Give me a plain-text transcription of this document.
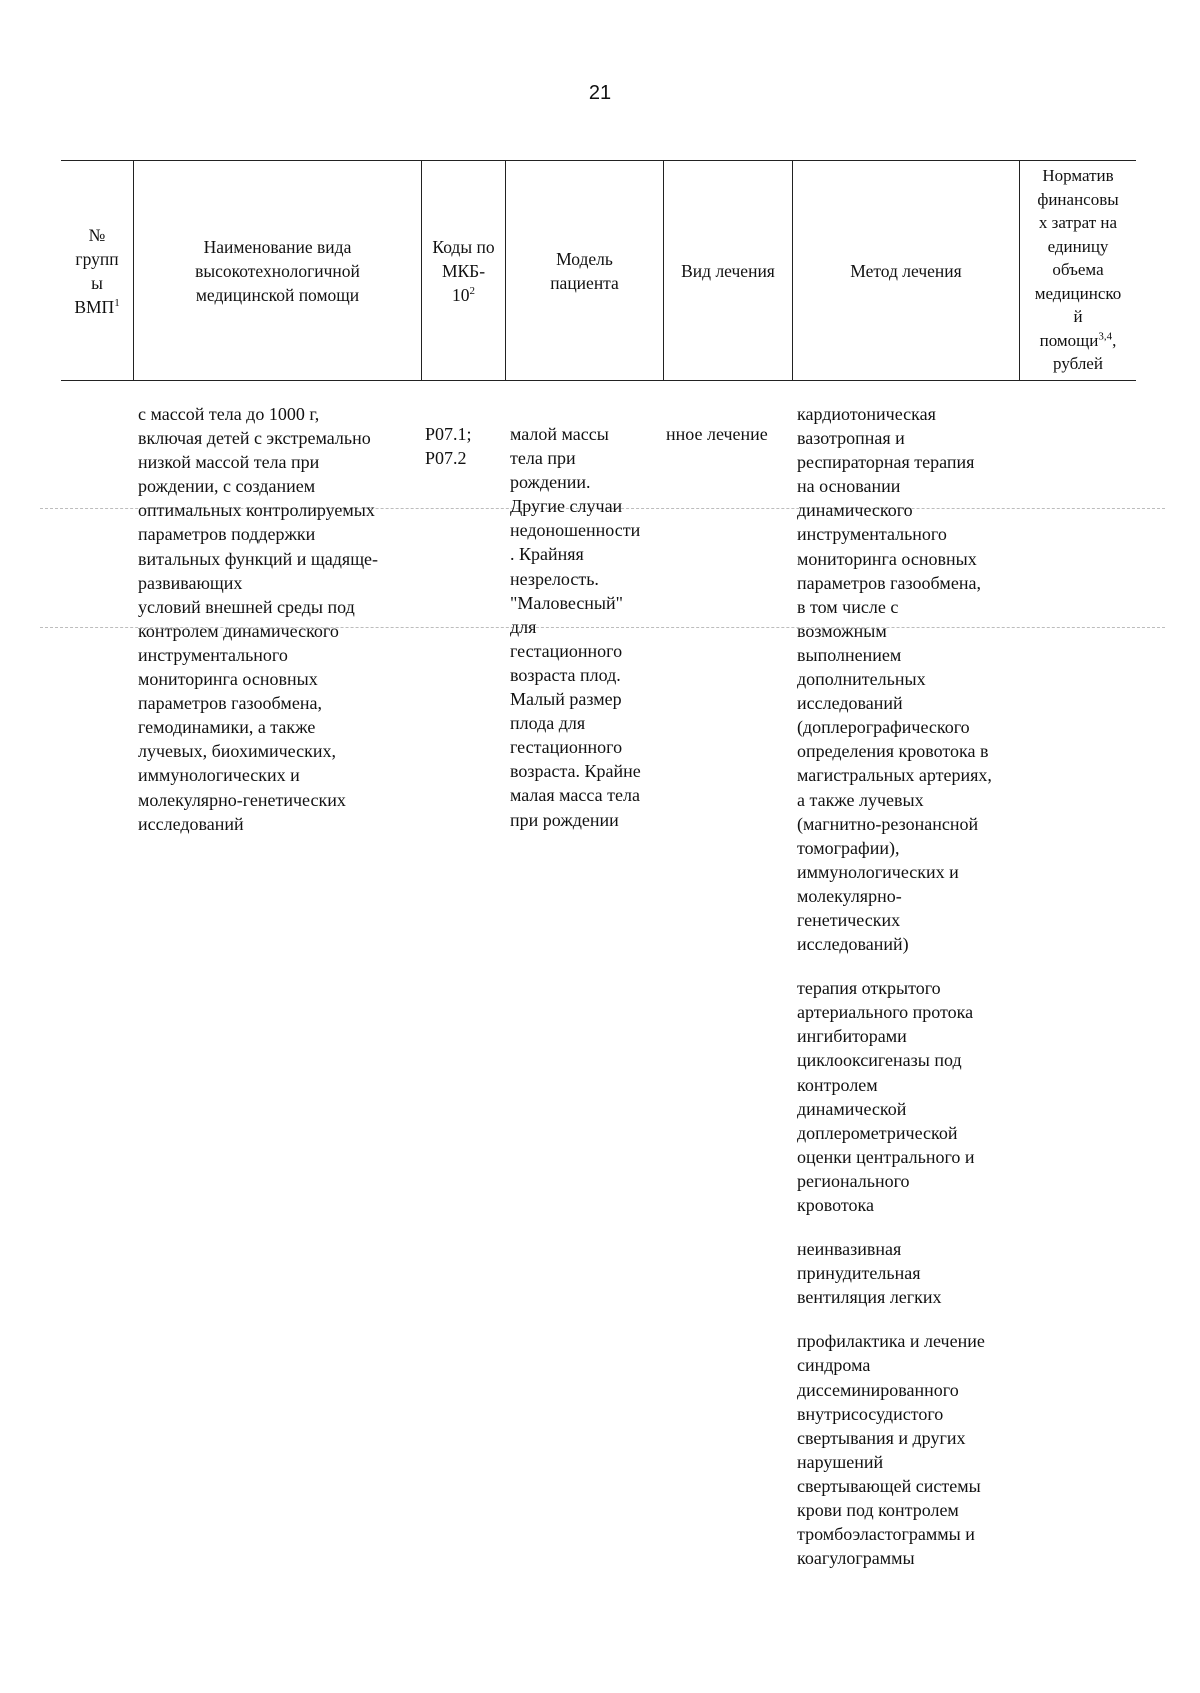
21
№
групп
ы
ВМП$^1$
Наименование вида
высокотехнологичной
медицинской помощи
Коды по
МКБ-
$10^2$
Модель
пациента
Вид лечения	Метод лечения
Норматив
финансовы
х затрат на
единицу
объема
медицинско
й
помощи$^{3,4}$,
рублей
с массой тела до 1000 г,
включая детей с экстремально
низкой массой тела при
рождении, с созданием
оптимальных контролируемых
параметров поддержки
витальных функций и щадяще-
развивающих
условий внешней среды под
контролем динамического
инструментального
мониторинга основных
параметров газообмена,
гемодинамики, а также
лучевых, биохимических,
иммунологических и
молекулярно-генетических
исследований
P07.1;
P07.2
малой массы
тела при
рождении.
Другие случаи
недоношенности
. Крайняя
незрелость.
"Маловесный"
для
гестационного
возраста плод.
Малый размер
плода для
гестационного
возраста. Крайне
малая масса тела
при рождении
нное лечение

кардиотоническая
вазотропная и
респираторная терапия
на основании
динамического
инструментального
мониторинга основных
параметров газообмена,
в том числе с
возможным
выполнением
дополнительных
исследований
(доплерографического
определения кровотока в
магистральных артериях,
а также лучевых
(магнитно-резонансной
томографии),
иммунологических и
молекулярно-
генетических
исследований)

терапия открытого
артериального протока
ингибиторами
циклооксигеназы под
контролем
динамической
доплерометрической
оценки центрального и
регионального
кровотока

неинвазивная
принудительная
вентиляция легких

профилактика и лечение
синдрома
диссеминированного
внутрисосудистого
свертывания и других
нарушений
свертывающей системы
крови под контролем
тромбоэластограммы и
коагулограммы
